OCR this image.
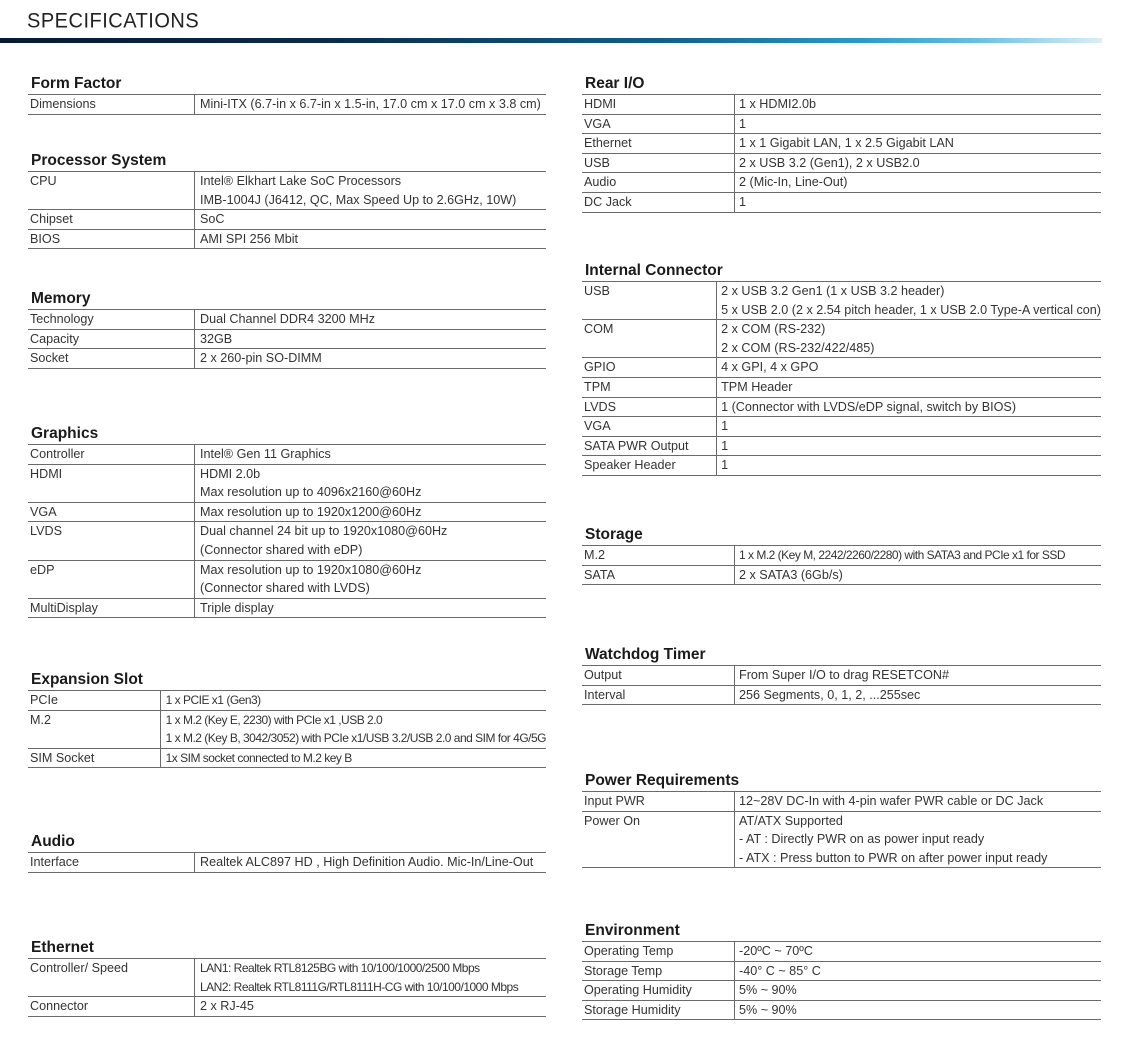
SPECIFICATIONS
Form Factor
Dimensions	Mini-ITX (6.7-in x 6.7-in x 1.5-in, 17.0 cm x 17.0 cm x 3.8 cm)
Processor System
CPU	Intel® Elkhart Lake SoC Processors
IMB-1004J (J6412, QC, Max Speed Up to 2.6GHz, 10W)

Chipset	SoC

BIOS	AMI SPI 256 Mbit
Memory
Technology	Dual Channel DDR4 3200 MHz

Capacity	32GB

Socket	2 x 260-pin SO-DIMM
Graphics
Controller	Intel® Gen 11 Graphics

HDMI	HDMI 2.0b
Max resolution up to 4096x2160@60Hz

VGA	Max resolution up to 1920x1200@60Hz

LVDS	Dual channel 24 bit up to 1920x1080@60Hz
(Connector shared with eDP)

eDP	Max resolution up to 1920x1080@60Hz
(Connector shared with LVDS)

MultiDisplay	Triple display
Expansion Slot
PCIe	1 x PCIE x1 (Gen3)

M.2	1 x M.2 (Key E, 2230) with PCIe x1 ,USB 2.0
1 x M.2 (Key B, 3042/3052) with PCIe x1/USB 3.2/USB 2.0 and SIM for 4G/5G

SIM Socket	1x SIM socket connected to M.2 key B
Audio
Interface	Realtek ALC897 HD , High Definition Audio. Mic-In/Line-Out
Ethernet
Controller/ Speed	LAN1: Realtek RTL8125BG with 10/100/1000/2500 Mbps
LAN2: Realtek RTL8111G/RTL8111H-CG with 10/100/1000 Mbps

Connector	2 x RJ-45
Rear I/O
HDMI	1 x HDMI2.0b

VGA	1

Ethernet	1 x 1 Gigabit LAN, 1 x 2.5 Gigabit LAN

USB	2 x USB 3.2 (Gen1), 2 x USB2.0

Audio	2 (Mic-In, Line-Out)

DC Jack	1
Internal Connector
USB	2 x USB 3.2 Gen1 (1 x USB 3.2 header)
5 x USB 2.0 (2 x 2.54 pitch header, 1 x USB 2.0 Type-A vertical con)

COM	2 x COM (RS-232)
2 x COM (RS-232/422/485)

GPIO	4 x GPI, 4 x GPO

TPM	TPM Header

LVDS	1 (Connector with LVDS/eDP signal, switch by BIOS)

VGA	1

SATA PWR Output	1

Speaker Header	1
Storage
M.2	1 x M.2 (Key M, 2242/2260/2280) with SATA3 and PCIe x1 for SSD

SATA	2 x SATA3 (6Gb/s)
Watchdog Timer
Output	From Super I/O to drag RESETCON#

Interval	256 Segments, 0, 1, 2, ...255sec
Power Requirements
Input PWR	12~28V DC-In with 4-pin wafer PWR cable or DC Jack

Power On	AT/ATX Supported
- AT : Directly PWR on as power input ready
- ATX : Press button to PWR on after power input ready
Environment
Operating Temp	-20ºC ~ 70ºC

Storage Temp	-40° C ~ 85° C

Operating Humidity	5% ~ 90%

Storage Humidity	5% ~ 90%
